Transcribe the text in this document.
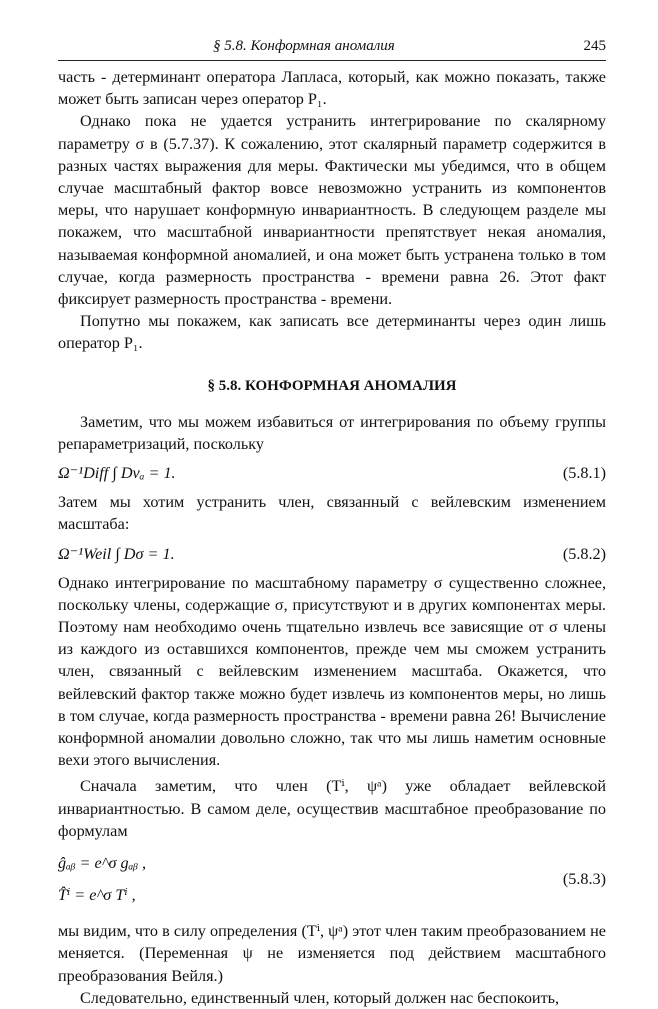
§ 5.8. Конформная аномалия	245

часть - детерминант оператора Лапласа, который, как можно показать, также может быть записан через оператор P₁.

Однако пока не удается устранить интегрирование по скалярному параметру σ в (5.7.37). К сожалению, этот скалярный параметр содержится в разных частях выражения для меры. Фактически мы убедимся, что в общем случае масштабный фактор вовсе невозможно устранить из компонентов меры, что нарушает конформную инвариантность. В следующем разделе мы покажем, что масштабной инвариантности препятствует некая аномалия, называемая конформной аномалией, и она может быть устранена только в том случае, когда размерность пространства - времени равна 26. Этот факт фиксирует размерность пространства - времени.

Попутно мы покажем, как записать все детерминанты через один лишь оператор P₁.

§ 5.8. КОНФОРМНАЯ АНОМАЛИЯ

Заметим, что мы можем избавиться от интегрирования по объему группы репараметризаций, поскольку

Ω⁻¹Diff ∫ Dvₐ = 1.	(5.8.1)

Затем мы хотим устранить член, связанный с вейлевским изменением масштаба:

Ω⁻¹Weil ∫ Dσ = 1.	(5.8.2)

Однако интегрирование по масштабному параметру σ существенно сложнее, поскольку члены, содержащие σ, присутствуют и в других компонентах меры. Поэтому нам необходимо очень тщательно извлечь все зависящие от σ члены из каждого из оставшихся компонентов, прежде чем мы сможем устранить член, связанный с вейлевским изменением масштаба. Окажется, что вейлевский фактор также можно будет извлечь из компонентов меры, но лишь в том случае, когда размерность пространства - времени равна 26! Вычисление конформной аномалии довольно сложно, так что мы лишь наметим основные вехи этого вычисления.

Сначала заметим, что член (Tⁱ, ψᵃ) уже обладает вейлевской инвариантностью. В самом деле, осуществив масштабное преобразование по формулам

ĝₐᵦ = e^σ gₐᵦ ,
T̂ⁱ = e^σ Tⁱ ,
(5.8.3)

мы видим, что в силу определения (Tⁱ, ψᵃ) этот член таким преобразованием не меняется. (Переменная ψ не изменяется под действием масштабного преобразования Вейля.)

Следовательно, единственный член, который должен нас беспокоить,
